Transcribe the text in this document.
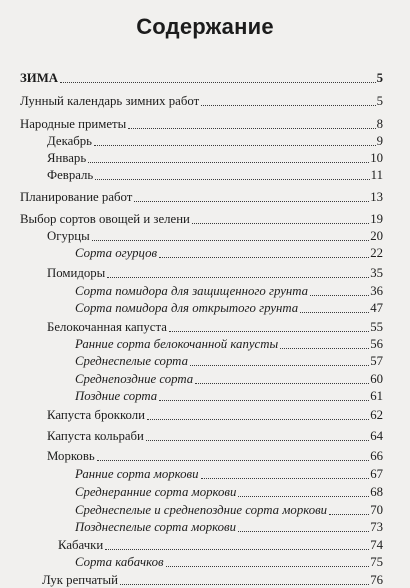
Содержание
ЗИМА	5
Лунный календарь зимних работ	5
Народные приметы	8
Декабрь	9
Январь	10
Февраль	11
Планирование работ	13
Выбор сортов овощей и зелени	19
Огурцы	20
Сорта огурцов	22
Помидоры	35
Сорта помидора для защищенного грунта	36
Сорта помидора для открытого грунта	47
Белокочанная капуста	55
Ранние сорта белокочанной капусты	56
Среднеспелые сорта	57
Среднепоздние сорта	60
Поздние сорта	61
Капуста брокколи	62
Капуста кольраби	64
Морковь	66
Ранние сорта моркови	67
Среднеранние сорта моркови	68
Среднеспелые и среднепоздние сорта моркови	70
Позднеспелые сорта моркови	73
Кабачки	74
Сорта кабачков	75
Лук репчатый	76
